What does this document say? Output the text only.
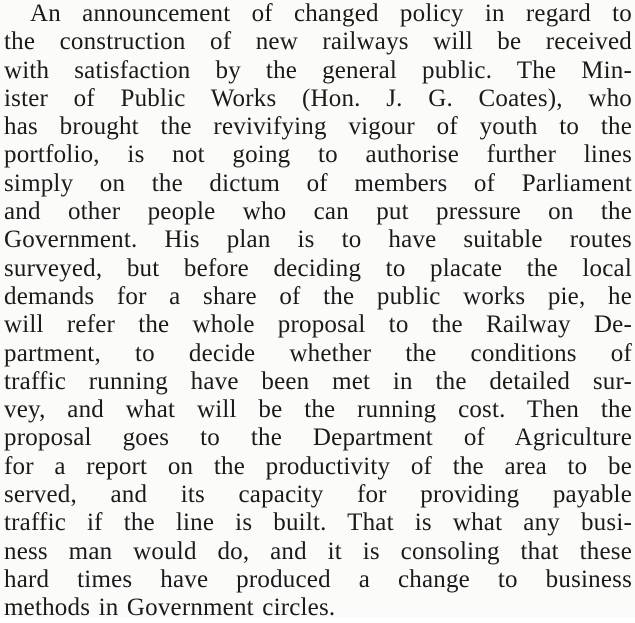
An announcement of changed policy in regard to
the construction of new railways will be received
with satisfaction by the general public. The Min-
ister of Public Works (Hon. J. G. Coates), who
has brought the revivifying vigour of youth to the
portfolio, is not going to authorise further lines
simply on the dictum of members of Parliament
and other people who can put pressure on the
Government. His plan is to have suitable routes
surveyed, but before deciding to placate the local
demands for a share of the public works pie, he
will refer the whole proposal to the Railway De-
partment, to decide whether the conditions of
traffic running have been met in the detailed sur-
vey, and what will be the running cost. Then the
proposal goes to the Department of Agriculture
for a report on the productivity of the area to be
served, and its capacity for providing payable
traffic if the line is built. That is what any busi-
ness man would do, and it is consoling that these
hard times have produced a change to business
methods in Government circles.
